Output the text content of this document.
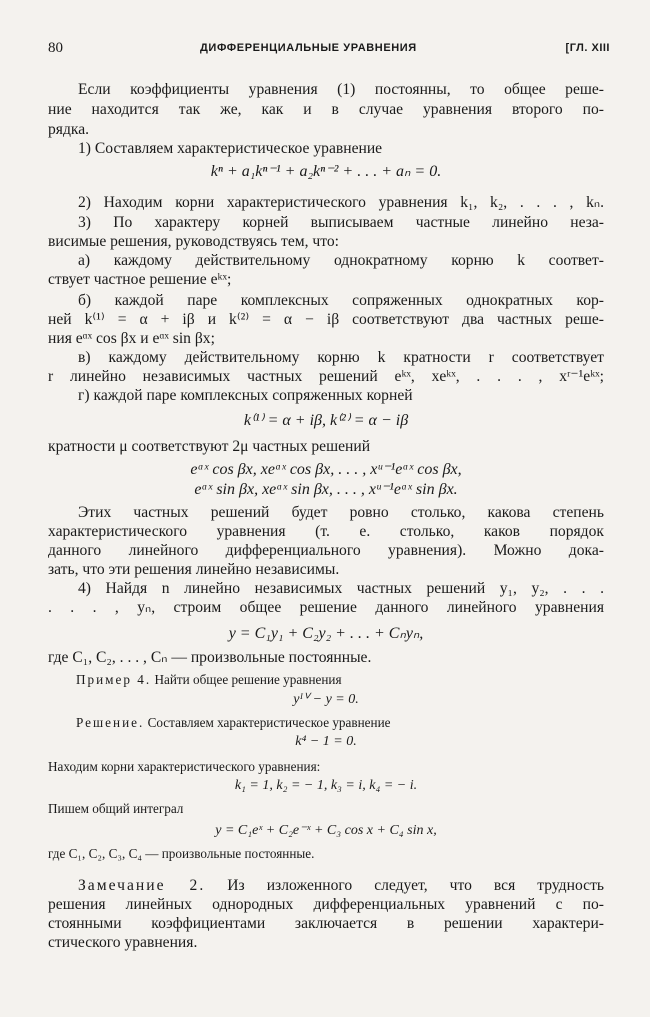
80	ДИФФЕРЕНЦИАЛЬНЫЕ УРАВНЕНИЯ	[ГЛ. XIII
Если коэффициенты уравнения (1) постоянны, то общее реше-
ние находится так же, как и в случае уравнения второго по-
рядка.
1) Составляем характеристическое уравнение
kⁿ + a₁kⁿ⁻¹ + a₂kⁿ⁻² + . . . + aₙ = 0.
2) Находим корни характеристического уравнения k₁, k₂, . . . , kₙ.
3) По характеру корней выписываем частные линейно неза-
висимые решения, руководствуясь тем, что:
а) каждому действительному однократному корню k соответ-
ствует частное решение eᵏˣ;
б) каждой паре комплексных сопряженных однократных кор-
ней k⁽¹⁾ = α + iβ и k⁽²⁾ = α − iβ соответствуют два частных реше-
ния eᵅˣ cos βx и eᵅˣ sin βx;
в) каждому действительному корню k кратности r соответствует
r линейно независимых частных решений eᵏˣ, xeᵏˣ, . . . , xʳ⁻¹eᵏˣ;
г) каждой паре комплексных сопряженных корней
k⁽¹⁾ = α + iβ, k⁽²⁾ = α − iβ
кратности μ соответствуют 2μ частных решений
eᵅˣ cos βx, xeᵅˣ cos βx, . . . , xᵘ⁻¹eᵅˣ cos βx,
eᵅˣ sin βx, xeᵅˣ sin βx, . . . , xᵘ⁻¹eᵅˣ sin βx.
Этих частных решений будет ровно столько, какова степень
характеристического уравнения (т. е. столько, каков порядок
данного линейного дифференциального уравнения). Можно дока-
зать, что эти решения линейно независимы.
4) Найдя n линейно независимых частных решений y₁, y₂, . . .
. . . , yₙ, строим общее решение данного линейного уравнения
y = C₁y₁ + C₂y₂ + . . . + Cₙyₙ,
где C₁, C₂, . . . , Cₙ — произвольные постоянные.
Пример 4. Найти общее решение уравнения
yᴵⱽ − y = 0.
Решение. Составляем характеристическое уравнение
k⁴ − 1 = 0.
Находим корни характеристического уравнения:
k₁ = 1, k₂ = − 1, k₃ = i, k₄ = − i.
Пишем общий интеграл
y = C₁eˣ + C₂e⁻ˣ + C₃ cos x + C₄ sin x,
где C₁, C₂, C₃, C₄ — произвольные постоянные.
Замечание 2. Из изложенного следует, что вся трудность
решения линейных однородных дифференциальных уравнений с по-
стоянными коэффициентами заключается в решении характери-
стического уравнения.
